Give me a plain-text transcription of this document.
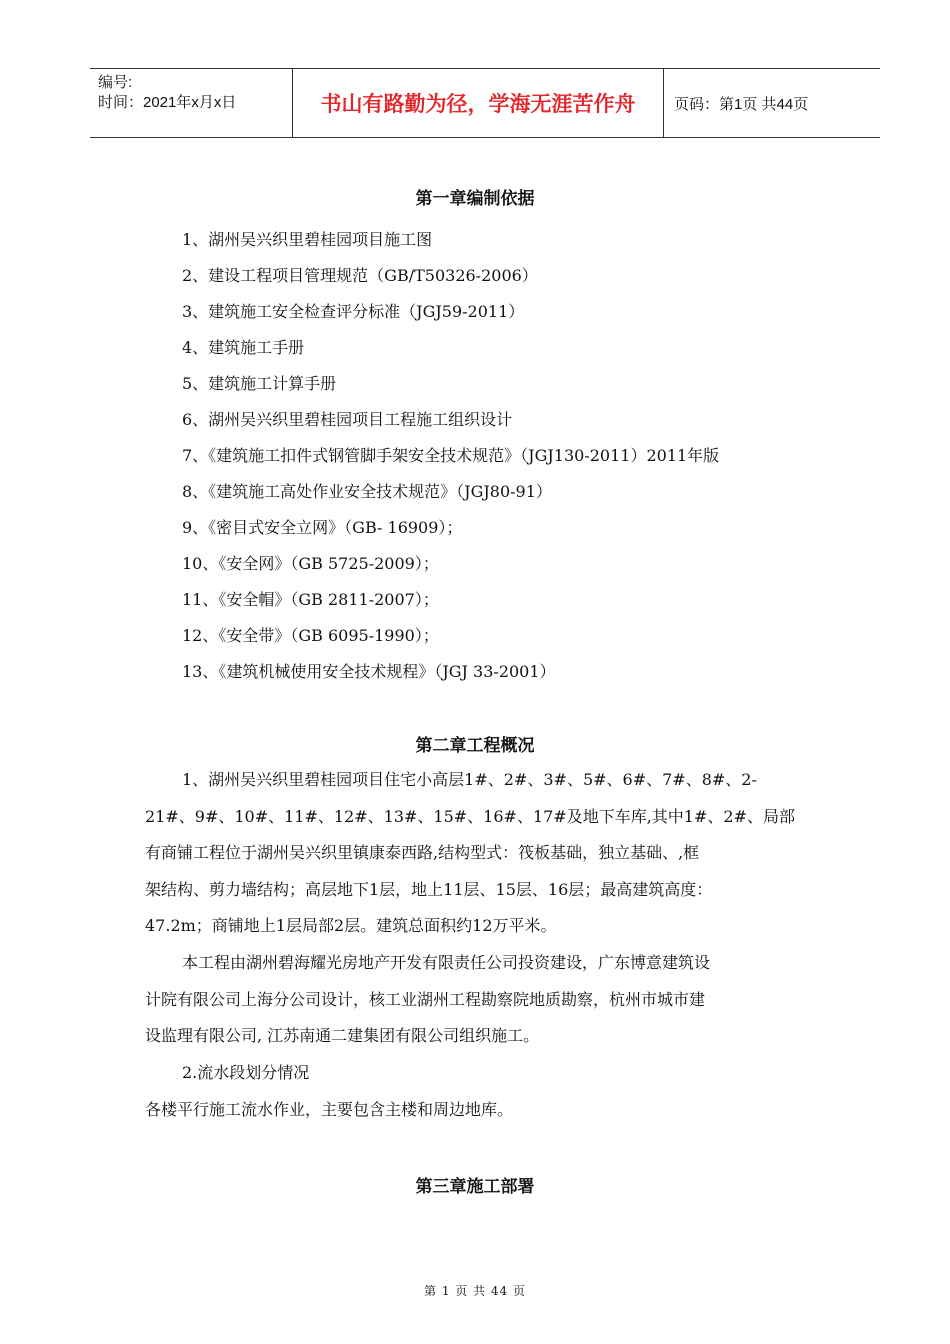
编号:
时间：2021年x月x日	书山有路勤为径，学海无涯苦作舟	页码：第1页 共44页
第一章编制依据
1、湖州吴兴织里碧桂园项目施工图
2、建设工程项目管理规范（GB/T50326-2006）
3、建筑施工安全检查评分标准（JGJ59-2011）
4、建筑施工手册
5、建筑施工计算手册
6、湖州吴兴织里碧桂园项目工程施工组织设计
7、《建筑施工扣件式钢管脚手架安全技术规范》（JGJ130-2011）2011年版
8、《建筑施工高处作业安全技术规范》（JGJ80-91）
9、《密目式安全立网》（GB- 16909）；
10、《安全网》（GB 5725-2009）；
11、《安全帽》（GB 2811-2007）；
12、《安全带》（GB 6095-1990）；
13、《建筑机械使用安全技术规程》（JGJ 33-2001）
第二章工程概况
1、湖州吴兴织里碧桂园项目住宅小高层1#、2#、3#、5#、6#、7#、8#、2-
21#、9#、10#、11#、12#、13#、15#、16#、17#及地下车库,其中1#、2#、局部
有商铺工程位于湖州吴兴织里镇康泰西路,结构型式：筏板基础，独立基础、,框
架结构、剪力墙结构；高层地下1层，地上11层、15层、16层；最高建筑高度：
47.2m；商铺地上1层局部2层。建筑总面积约12万平米。
本工程由湖州碧海耀光房地产开发有限责任公司投资建设，广东博意建筑设
计院有限公司上海分公司设计，核工业湖州工程勘察院地质勘察，杭州市城市建
设监理有限公司, 江苏南通二建集团有限公司组织施工。
2.流水段划分情况
各楼平行施工流水作业，主要包含主楼和周边地库。
第三章施工部署
第 1 页 共 44 页
